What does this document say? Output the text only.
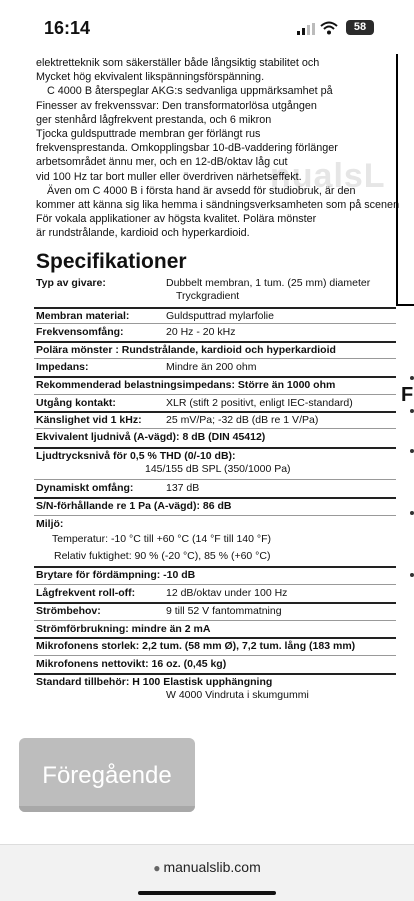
16:14	58
nualsL
elektretteknik som säkerställer både långsiktig stabilitet och
Mycket hög ekvivalent likspänningsförspänning.
C 4000 B återspeglar AKG:s sedvanliga uppmärksamhet på
Finesser av frekvenssvar: Den transformatorlösa utgången
ger stenhård lågfrekvent prestanda, och 6 mikron
Tjocka guldsputtrade membran ger förlängt rus
frekvensprestanda. Omkopplingsbar 10-dB-vaddering förlänger
arbetsområdet ännu mer, och en 12-dB/oktav låg cut
vid 100 Hz tar bort muller eller överdriven närhetseffekt.
Även om C 4000 B i första hand är avsedd för studiobruk, är den
kommer att känna sig lika hemma i sändningsverksamheten som på scenen
För vokala applikationer av högsta kvalitet. Polära mönster
är rundstrålande, kardioid och hyperkardioid.
Specifikationer
Typ av givare:	Dubbelt membran, 1 tum. (25 mm) diameter
Tryckgradient
Membran material:	Guldsputtrad mylarfolie
Frekvensomfång:	20 Hz - 20 kHz
Polära mönster : Rundstrålande, kardioid och hyperkardioid
Impedans:	Mindre än 200 ohm
Rekommenderad belastningsimpedans: Större än 1000 ohm
Utgång kontakt:	XLR (stift 2 positivt, enligt IEC-standard)
Känslighet vid 1 kHz: 25 mV/Pa; -32 dB (dB re 1 V/Pa)
Ekvivalent ljudnivå (A-vägd): 8 dB (DIN 45412)
Ljudtrycksnivå för 0,5 % THD (0/-10 dB):
145/155 dB SPL (350/1000 Pa)
Dynamiskt omfång:	137 dB
S/N-förhållande re 1 Pa (A-vägd): 86 dB
Miljö:
Temperatur: -10 °C till +60 °C (14 °F till 140 °F)
Relativ fuktighet: 90 % (-20 °C), 85 % (+60 °C)
Brytare för fördämpning: -10 dB
Lågfrekvent roll-off:	12 dB/oktav under 100 Hz
Strömbehov:	9 till 52 V fantommatning
Strömförbrukning: mindre än 2 mA
Mikrofonens storlek: 2,2 tum. (58 mm Ø), 7,2 tum. lång (183 mm)
Mikrofonens nettovikt: 16 oz. (0,45 kg)
Standard tillbehör: H 100 Elastisk upphängning
W 4000 Vindruta i skumgummi
F
Föregående
● manualslib.com
